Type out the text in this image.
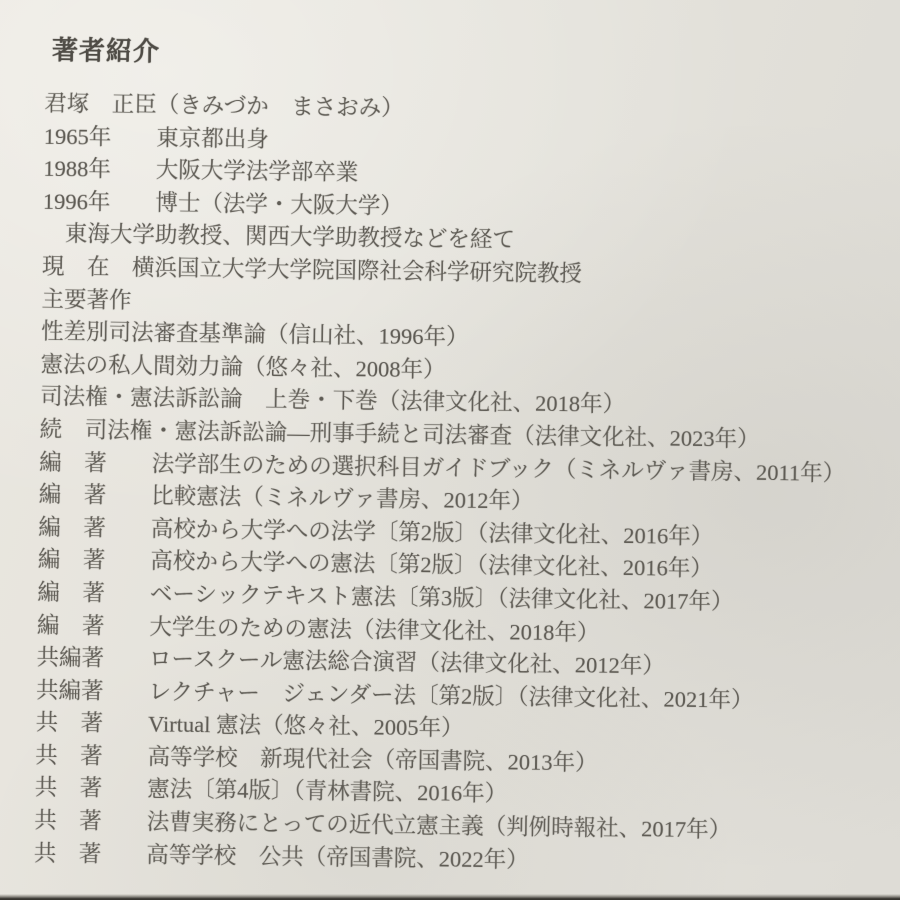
著者紹介
君塚　正臣（きみづか　まさおみ）
1965年　　東京都出身
1988年　　大阪大学法学部卒業
1996年　　博士（法学・大阪大学）
　東海大学助教授、関西大学助教授などを経て
現　在　横浜国立大学大学院国際社会科学研究院教授
主要著作
性差別司法審査基準論（信山社、1996年）
憲法の私人間効力論（悠々社、2008年）
司法権・憲法訴訟論　上巻・下巻（法律文化社、2018年）
続　司法権・憲法訴訟論―刑事手続と司法審査（法律文化社、2023年）
編　著　　法学部生のための選択科目ガイドブック（ミネルヴァ書房、2011年）
編　著　　比較憲法（ミネルヴァ書房、2012年）
編　著　　高校から大学への法学〔第2版〕（法律文化社、2016年）
編　著　　高校から大学への憲法〔第2版〕（法律文化社、2016年）
編　著　　ベーシックテキスト憲法〔第3版〕（法律文化社、2017年）
編　著　　大学生のための憲法（法律文化社、2018年）
共編著　　ロースクール憲法総合演習（法律文化社、2012年）
共編著　　レクチャー　ジェンダー法〔第2版〕（法律文化社、2021年）
共　著　　Virtual 憲法（悠々社、2005年）
共　著　　高等学校　新現代社会（帝国書院、2013年）
共　著　　憲法〔第4版〕（青林書院、2016年）
共　著　　法曹実務にとっての近代立憲主義（判例時報社、2017年）
共　著　　高等学校　公共（帝国書院、2022年）
